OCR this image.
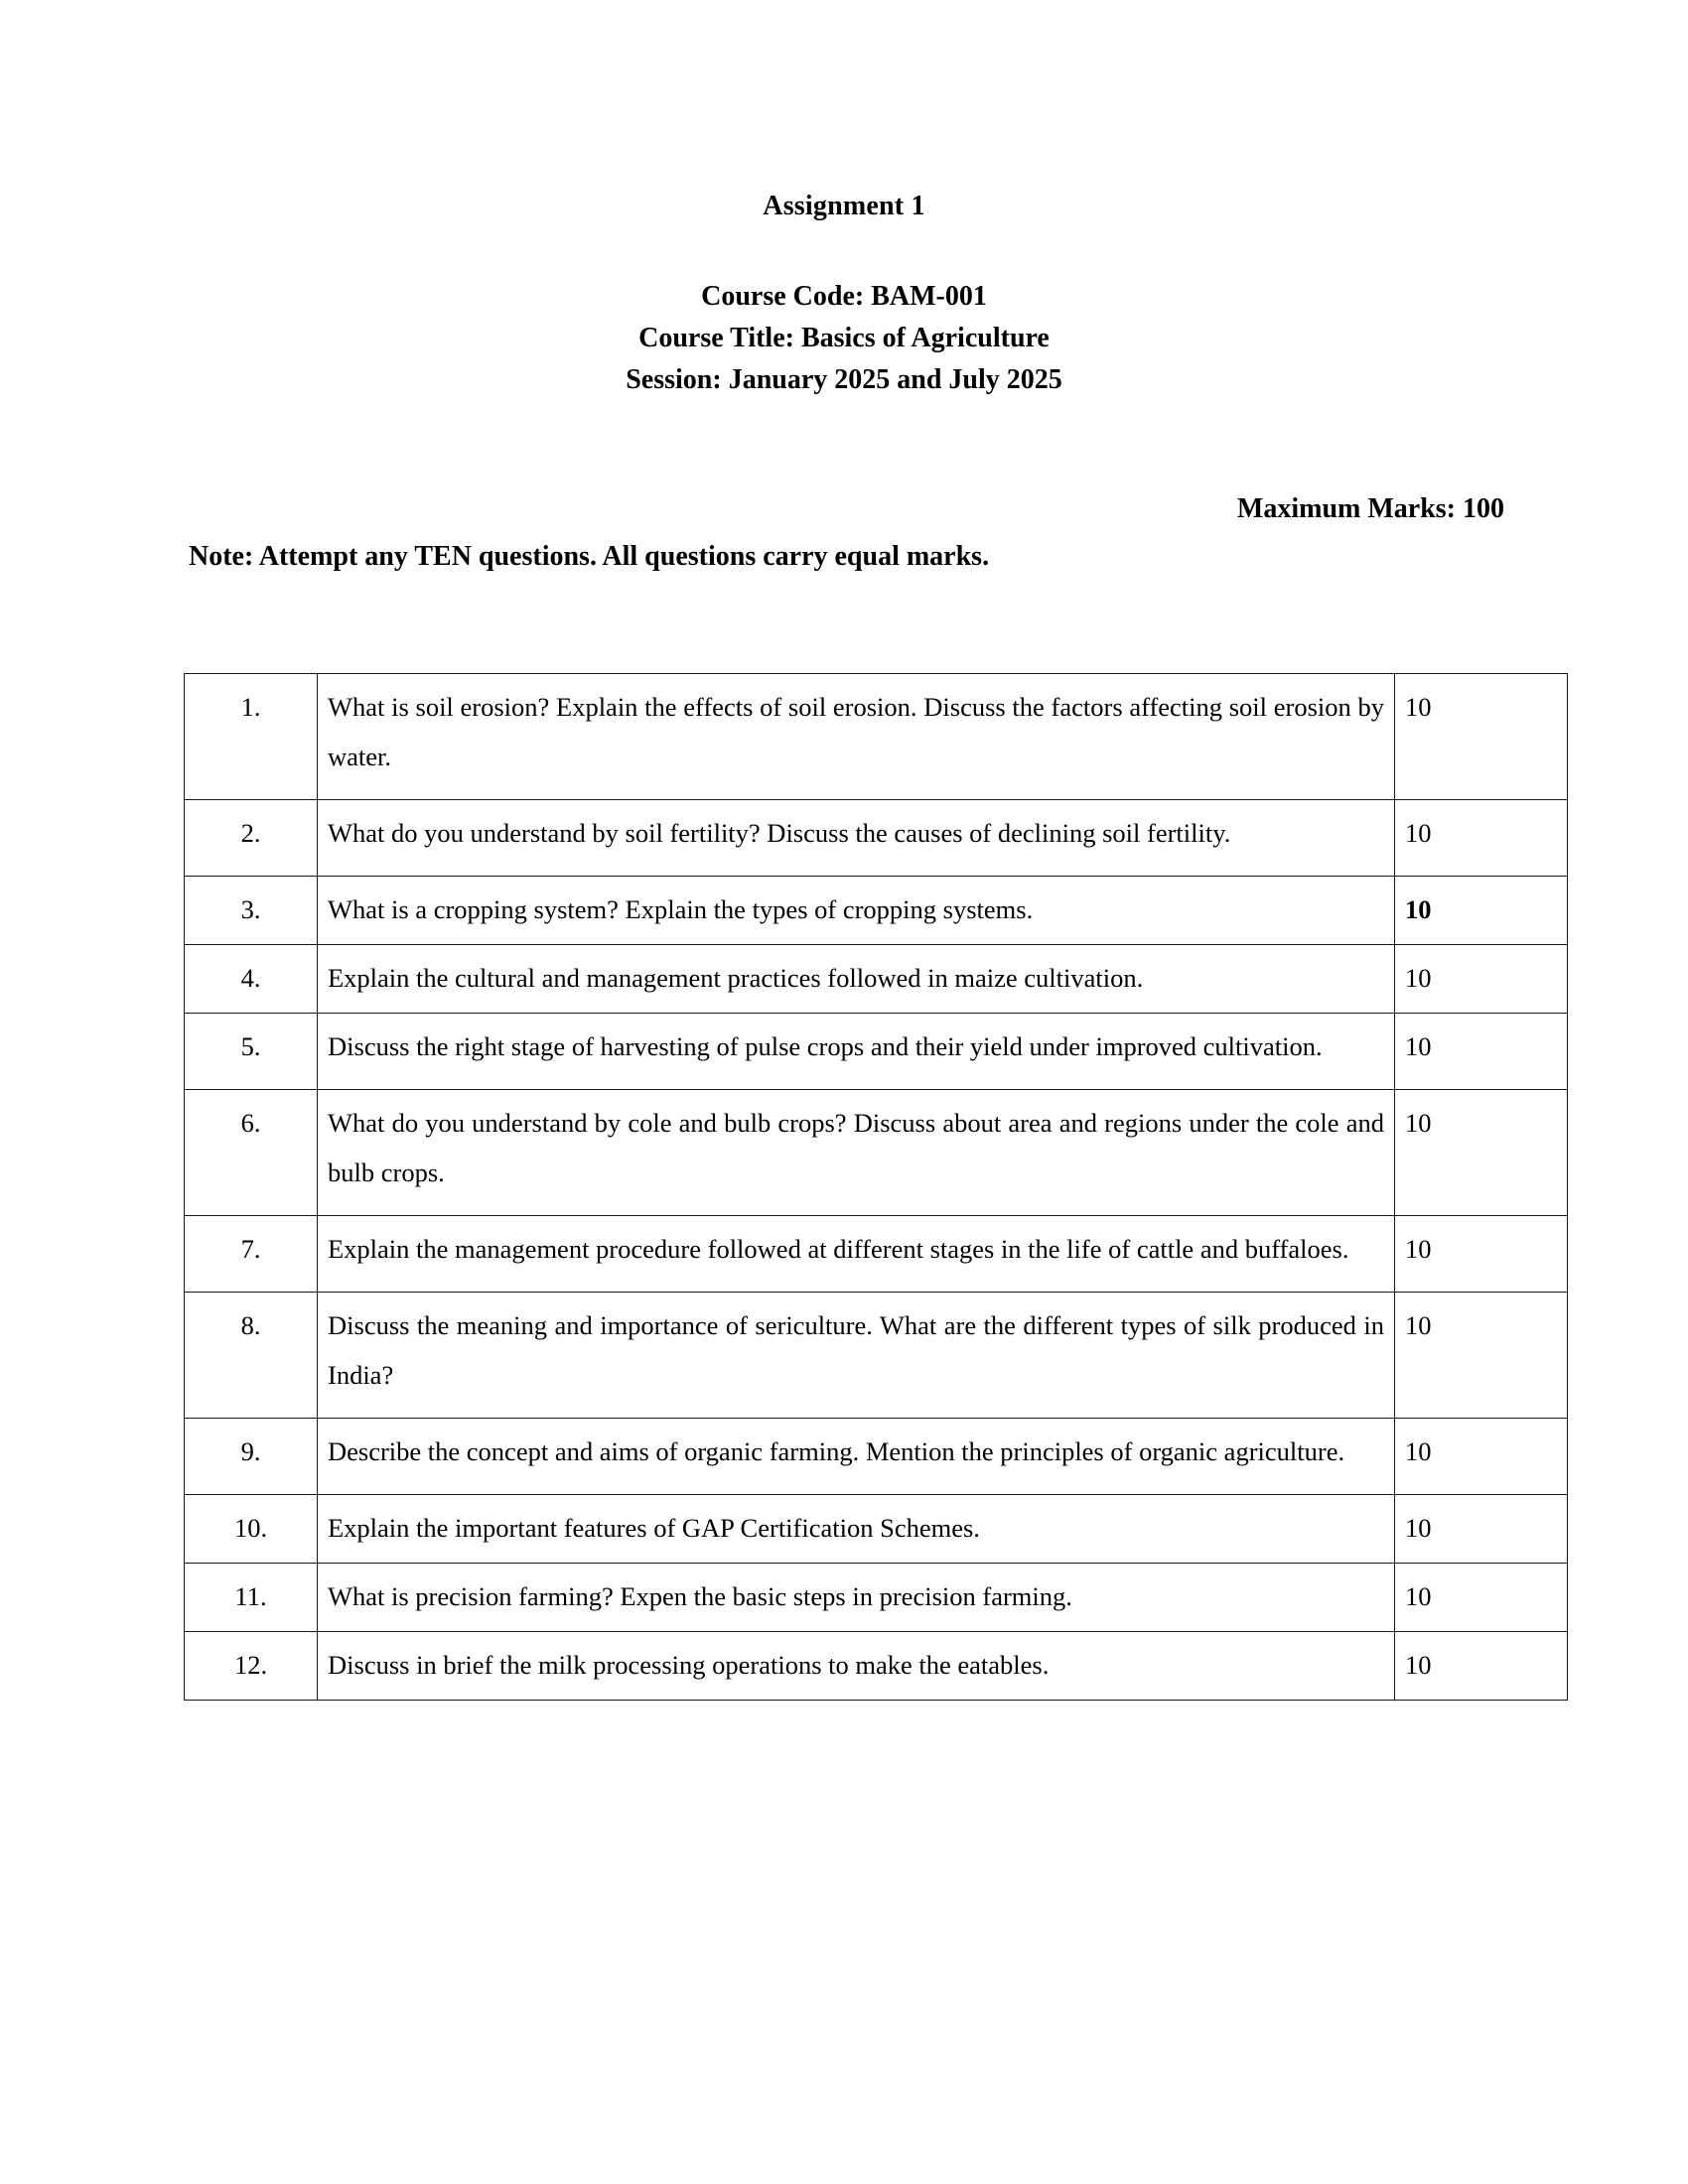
Assignment 1
Course Code: BAM-001
Course Title: Basics of Agriculture
Session: January 2025 and July 2025
Maximum Marks: 100
Note: Attempt any TEN questions. All questions carry equal marks.
1.	What is soil erosion? Explain the effects of soil erosion. Discuss the factors affecting soil erosion by water.	10
2.	What do you understand by soil fertility? Discuss the causes of declining soil fertility.	10
3.	What is a cropping system? Explain the types of cropping systems.	10
4.	Explain the cultural and management practices followed in maize cultivation.	10
5.	Discuss the right stage of harvesting of pulse crops and their yield under improved cultivation.	10
6.	What do you understand by cole and bulb crops? Discuss about area and regions under the cole and bulb crops.	10
7.	Explain the management procedure followed at different stages in the life of cattle and buffaloes.	10
8.	Discuss the meaning and importance of sericulture. What are the different types of silk produced in India?	10
9.	Describe the concept and aims of organic farming. Mention the principles of organic agriculture.	10
10.	Explain the important features of GAP Certification Schemes.	10
11.	What is precision farming? Expen the basic steps in precision farming.	10
12.	Discuss in brief the milk processing operations to make the eatables.	10
